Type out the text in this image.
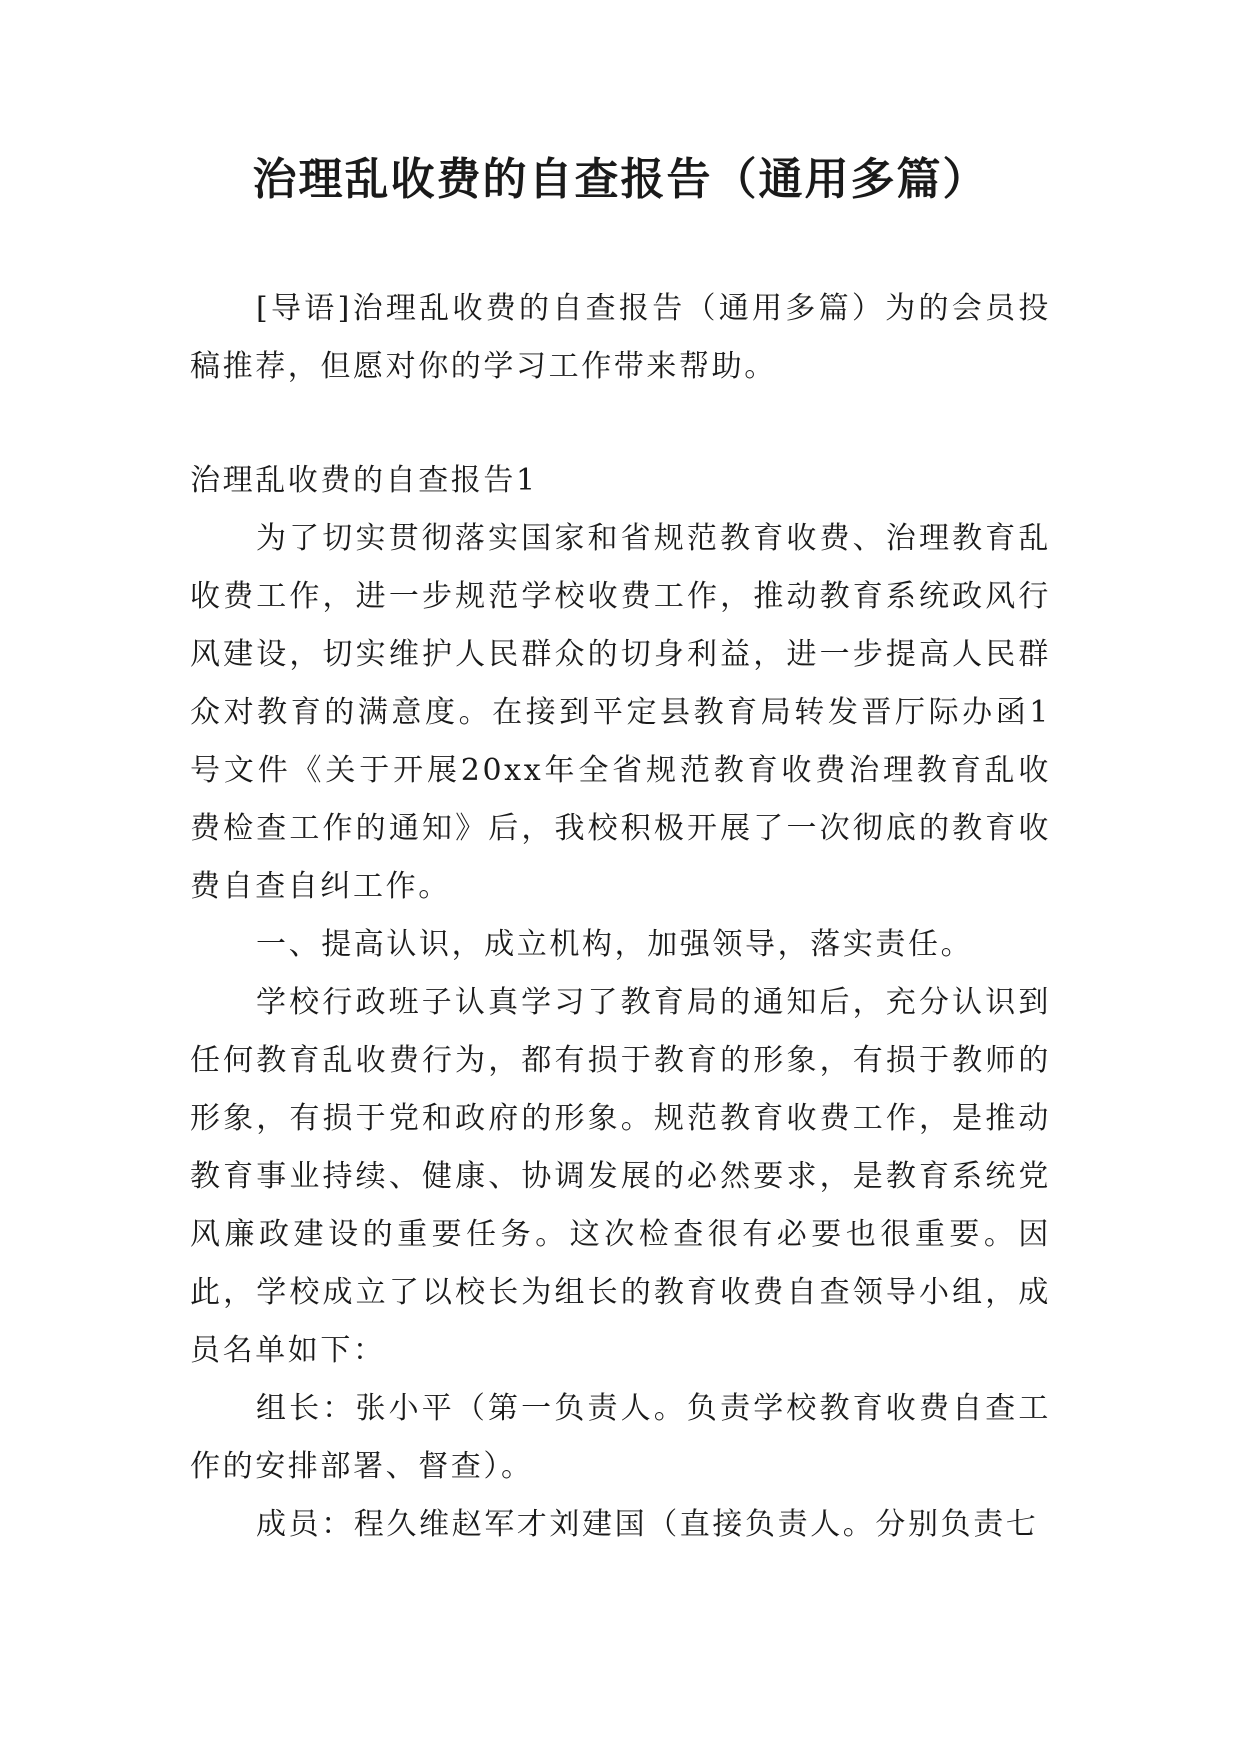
治理乱收费的自查报告（通用多篇）

[导语]治理乱收费的自查报告（通用多篇）为的会员投稿推荐，但愿对你的学习工作带来帮助。

治理乱收费的自查报告1

为了切实贯彻落实国家和省规范教育收费、治理教育乱收费工作，进一步规范学校收费工作，推动教育系统政风行风建设，切实维护人民群众的切身利益，进一步提高人民群众对教育的满意度。在接到平定县教育局转发晋厅际办函1号文件《关于开展20xx年全省规范教育收费治理教育乱收费检查工作的通知》后，我校积极开展了一次彻底的教育收费自查自纠工作。

一、提高认识，成立机构，加强领导，落实责任。

学校行政班子认真学习了教育局的通知后，充分认识到任何教育乱收费行为，都有损于教育的形象，有损于教师的形象，有损于党和政府的形象。规范教育收费工作，是推动教育事业持续、健康、协调发展的必然要求，是教育系统党风廉政建设的重要任务。这次检查很有必要也很重要。因此，学校成立了以校长为组长的教育收费自查领导小组，成员名单如下：

组长：张小平（第一负责人。负责学校教育收费自查工作的安排部署、督查）。

成员：程久维赵军才刘建国（直接负责人。分别负责七
